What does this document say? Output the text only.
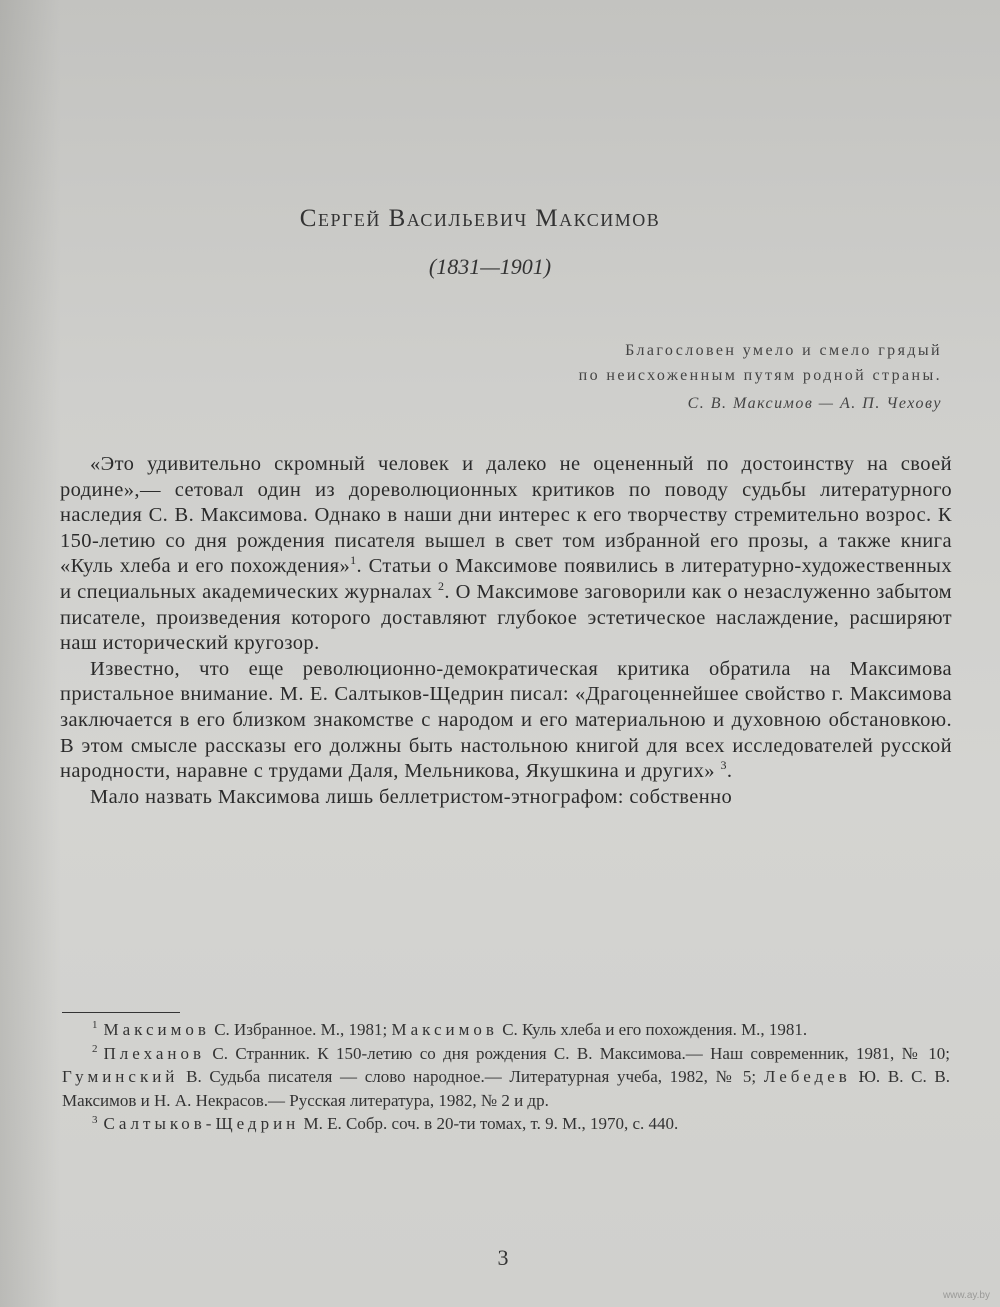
Сергей Васильевич Максимов
(1831—1901)
Благословен умело и смело грядый
по неисхоженным путям родной страны.
С. В. Максимов — А. П. Чехову

«Это удивительно скромный человек и далеко не оцененный по достоинству на своей родине»,— сетовал один из дореволюционных критиков по поводу судьбы литературного наследия С. В. Максимова. Однако в наши дни интерес к его творчеству стремительно возрос. К 150-летию со дня рождения писателя вышел в свет том избранной его прозы, а также книга «Куль хлеба и его похождения»$^1$. Статьи о Максимове появились в литературно-художественных и специальных академических журналах $^2$. О Максимове заговорили как о незаслуженно забытом писателе, произведения которого доставляют глубокое эстетическое наслаждение, расширяют наш исторический кругозор.

Известно, что еще революционно-демократическая критика обратила на Максимова пристальное внимание. М. Е. Салтыков-Щедрин писал: «Драгоценнейшее свойство г. Максимова заключается в его близком знакомстве с народом и его материальною и духовною обстановкою. В этом смысле рассказы его должны быть настольною книгой для всех исследователей русской народности, наравне с трудами Даля, Мельникова, Якушкина и других» $^3$.

Мало назвать Максимова лишь беллетристом-этнографом: собственно

$^1$ Максимов С. Избранное. М., 1981; Максимов С. Куль хлеба и его похождения. М., 1981.

$^2$ Плеханов С. Странник. К 150-летию со дня рождения С. В. Максимова.— Наш современник, 1981, № 10; Гуминский В. Судьба писателя — слово народное.— Литературная учеба, 1982, № 5; Лебедев Ю. В. С. В. Максимов и Н. А. Некрасов.— Русская литература, 1982, № 2 и др.

$^3$ Салтыков-Щедрин М. Е. Собр. соч. в 20-ти томах, т. 9. М., 1970, с. 440.

3
www.ay.by
